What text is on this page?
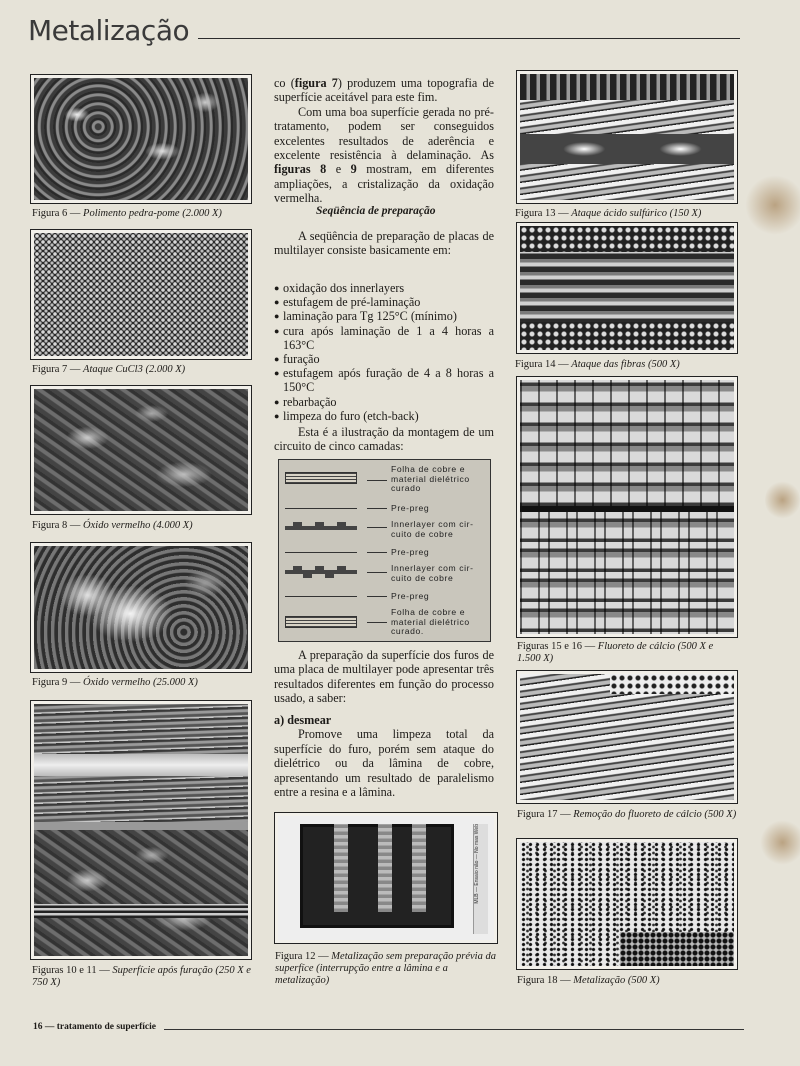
Metalização
Figura 6 — Polimento pedra-pome (2.000 X)
Figura 7 — Ataque CuCl3 (2.000 X)
Figura 8 — Óxido vermelho (4.000 X)
Figura 9 — Óxido vermelho (25.000 X)
Figuras 10 e 11 — Superfície após furação (250 X e 750 X)

co (figura 7) produzem uma topografia de superfície aceitável para este fim.

Com uma boa superfície gerada no pré-tratamento, podem ser conseguidos excelentes resultados de aderência e excelente resistência à delaminação. As figuras 8 e 9 mostram, em diferentes ampliações, a cristalização da oxidação vermelha.

Seqüência de preparação

A seqüência de preparação de placas de multilayer consiste basicamente em:

● oxidação dos innerlayers
● estufagem de pré-laminação
● laminação para Tg 125°C (mínimo)
● cura após laminação de 1 a 4 horas a 163°C
● furação
● estufagem após furação de 4 a 8 horas a 150°C
● rebarbação
● limpeza do furo (etch-back)

Esta é a ilustração da montagem de um circuito de cinco camadas:

Folha de cobre e
material dielétrico
curado
Pre-preg
Innerlayer com cir-
cuito de cobre
Pre-preg
Innerlayer com cir-
cuito de cobre
Pre-preg
Folha de cobre e
material dielétrico
curado.

A preparação da superfície dos furos de uma placa de multilayer pode apresentar três resultados diferentes em função do processo usado, a saber:

a) desmear

Promove uma limpeza total da superfície do furo, porém sem ataque do dielétrico ou da lâmina de cobre, apresentando um resultado de paralelismo entre a resina e a lâmina.

MLB — Ensaio não — No mas Web
Figura 12 — Metalização sem preparação prévia da superfíce (interrupção entre a lâmina e a metalização)
Figura 13 — Ataque ácido sulfúrico (150 X)
Figura 14 — Ataque das fibras (500 X)
Figuras 15 e 16 — Fluoreto de cálcio (500 X e 1.500 X)
Figura 17 — Remoção do fluoreto de cálcio (500 X)
Figura 18 — Metalização (500 X)
16 — tratamento de superfície
